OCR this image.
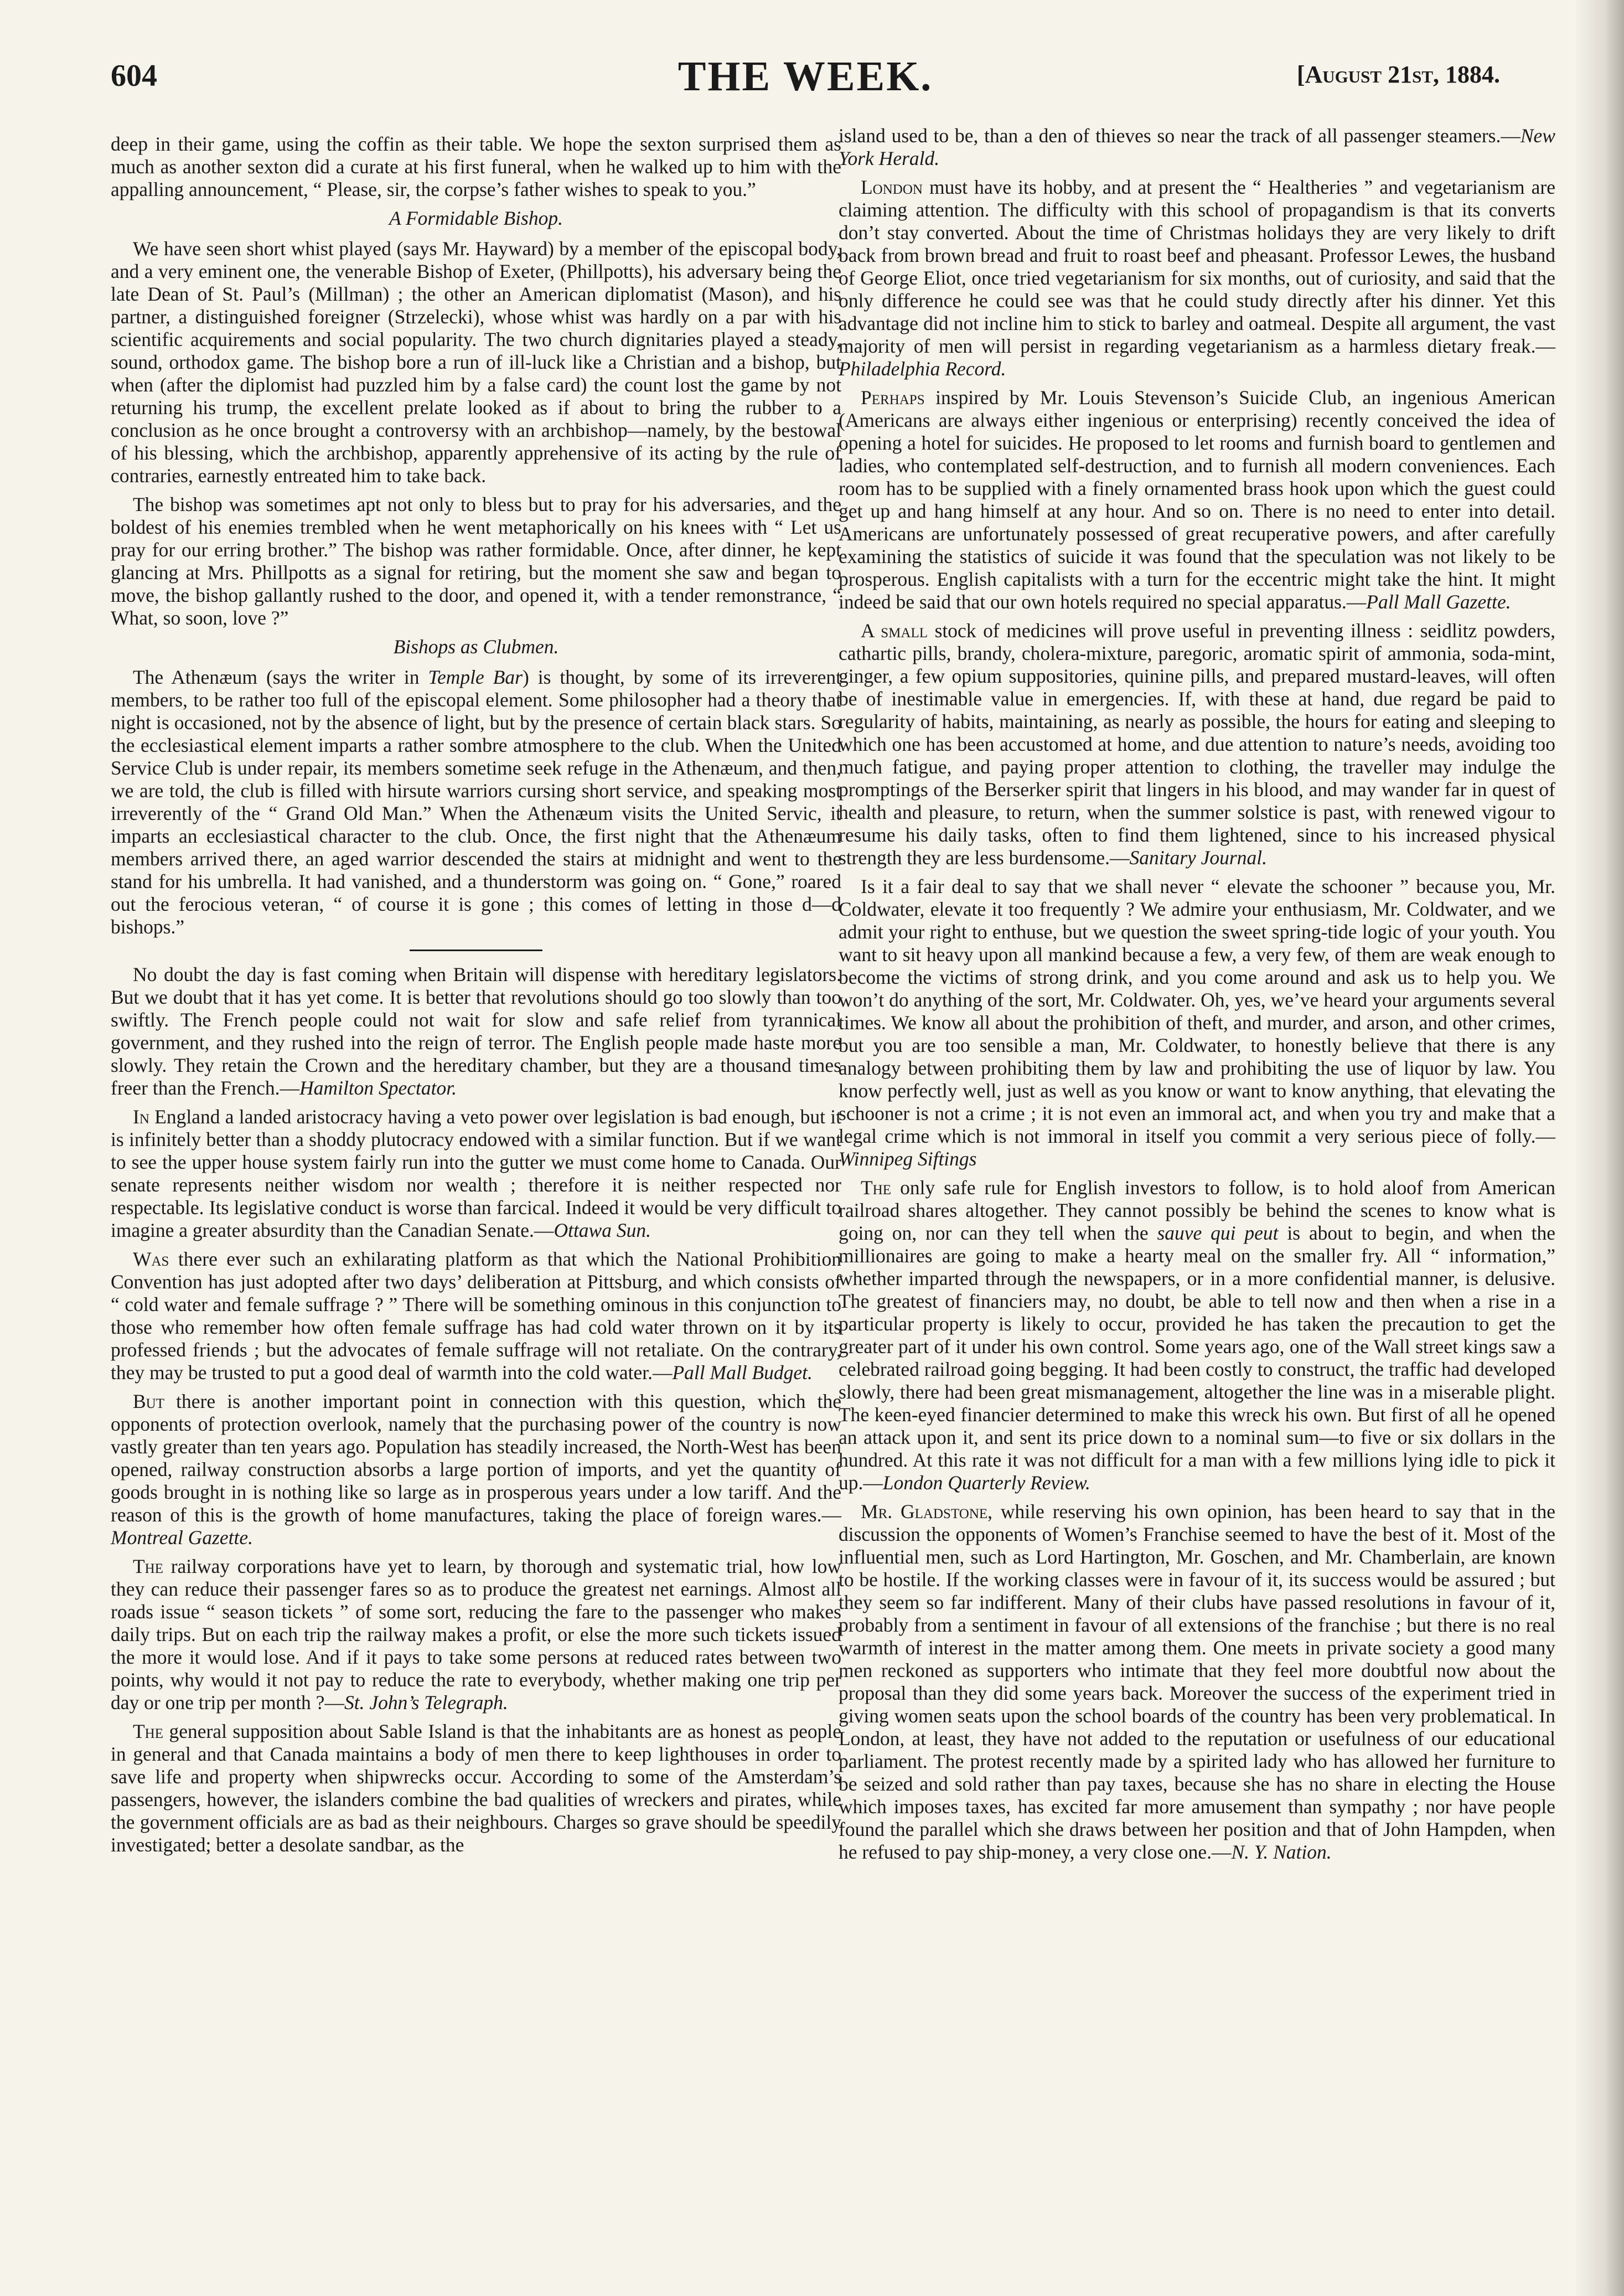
604	THE WEEK.	[August 21st, 1884.

deep in their game, using the coffin as their table. We hope the sexton surprised them as much as another sexton did a curate at his first funeral, when he walked up to him with the appalling announcement, “ Please, sir, the corpse’s father wishes to speak to you.”

A Formidable Bishop.

We have seen short whist played (says Mr. Hayward) by a member of the episcopal body, and a very eminent one, the venerable Bishop of Exeter, (Phillpotts), his adversary being the late Dean of St. Paul’s (Millman) ; the other an American diplomatist (Mason), and his partner, a distinguished foreigner (Strzelecki), whose whist was hardly on a par with his scientific acquirements and social popularity. The two church dignitaries played a steady, sound, orthodox game. The bishop bore a run of ill-luck like a Christian and a bishop, but when (after the diplomist had puzzled him by a false card) the count lost the game by not returning his trump, the excellent prelate looked as if about to bring the rubber to a conclusion as he once brought a controversy with an archbishop—namely, by the bestowal of his blessing, which the archbishop, apparently apprehensive of its acting by the rule of contraries, earnestly entreated him to take back.

The bishop was sometimes apt not only to bless but to pray for his adversaries, and the boldest of his enemies trembled when he went metaphorically on his knees with “ Let us pray for our erring brother.” The bishop was rather formidable. Once, after dinner, he kept glancing at Mrs. Phillpotts as a signal for retiring, but the moment she saw and began to move, the bishop gallantly rushed to the door, and opened it, with a tender remonstrance, “ What, so soon, love ?”

Bishops as Clubmen.

The Athenæum (says the writer in Temple Bar) is thought, by some of its irreverent members, to be rather too full of the episcopal element. Some philosopher had a theory that night is occasioned, not by the absence of light, but by the presence of certain black stars. So the ecclesiastical element imparts a rather sombre atmosphere to the club. When the United Service Club is under repair, its members sometime seek refuge in the Athenæum, and then, we are told, the club is filled with hirsute warriors cursing short service, and speaking most irreverently of the “ Grand Old Man.” When the Athenæum visits the United Servic, it imparts an ecclesiastical character to the club. Once, the first night that the Athenæum members arrived there, an aged warrior descended the stairs at midnight and went to the stand for his umbrella. It had vanished, and a thunderstorm was going on. “ Gone,” roared out the ferocious veteran, “ of course it is gone ; this comes of letting in those d—d bishops.”

No doubt the day is fast coming when Britain will dispense with hereditary legislators. But we doubt that it has yet come. It is better that revolutions should go too slowly than too swiftly. The French people could not wait for slow and safe relief from tyrannical government, and they rushed into the reign of terror. The English people made haste more slowly. They retain the Crown and the hereditary chamber, but they are a thousand times freer than the French.—Hamilton Spectator.

In England a landed aristocracy having a veto power over legislation is bad enough, but it is infinitely better than a shoddy plutocracy endowed with a similar function. But if we want to see the upper house system fairly run into the gutter we must come home to Canada. Our senate represents neither wisdom nor wealth ; therefore it is neither respected nor respectable. Its legislative conduct is worse than farcical. Indeed it would be very difficult to imagine a greater absurdity than the Canadian Senate.—Ottawa Sun.

Was there ever such an exhilarating platform as that which the National Prohibition Convention has just adopted after two days’ deliberation at Pittsburg, and which consists of “ cold water and female suffrage ? ” There will be something ominous in this conjunction to those who remember how often female suffrage has had cold water thrown on it by its professed friends ; but the advocates of female suffrage will not retaliate. On the contrary, they may be trusted to put a good deal of warmth into the cold water.—Pall Mall Budget.

But there is another important point in connection with this question, which the opponents of protection overlook, namely that the purchasing power of the country is now vastly greater than ten years ago. Population has steadily increased, the North-West has been opened, railway construction absorbs a large portion of imports, and yet the quantity of goods brought in is nothing like so large as in prosperous years under a low tariff. And the reason of this is the growth of home manufactures, taking the place of foreign wares.—Montreal Gazette.

The railway corporations have yet to learn, by thorough and systematic trial, how low they can reduce their passenger fares so as to produce the greatest net earnings. Almost all roads issue “ season tickets ” of some sort, reducing the fare to the passenger who makes daily trips. But on each trip the railway makes a profit, or else the more such tickets issued the more it would lose. And if it pays to take some persons at reduced rates between two points, why would it not pay to reduce the rate to everybody, whether making one trip per day or one trip per month ?—St. John’s Telegraph.

The general supposition about Sable Island is that the inhabitants are as honest as people in general and that Canada maintains a body of men there to keep lighthouses in order to save life and property when shipwrecks occur. According to some of the Amsterdam’s passengers, however, the islanders combine the bad qualities of wreckers and pirates, while the government officials are as bad as their neighbours. Charges so grave should be speedily investigated; better a desolate sandbar, as the

island used to be, than a den of thieves so near the track of all passenger steamers.—New York Herald.

London must have its hobby, and at present the “ Healtheries ” and vegetarianism are claiming attention. The difficulty with this school of propagandism is that its converts don’t stay converted. About the time of Christmas holidays they are very likely to drift back from brown bread and fruit to roast beef and pheasant. Professor Lewes, the husband of George Eliot, once tried vegetarianism for six months, out of curiosity, and said that the only difference he could see was that he could study directly after his dinner. Yet this advantage did not incline him to stick to barley and oatmeal. Despite all argument, the vast majority of men will persist in regarding vegetarianism as a harmless dietary freak.—Philadelphia Record.

Perhaps inspired by Mr. Louis Stevenson’s Suicide Club, an ingenious American (Americans are always either ingenious or enterprising) recently conceived the idea of opening a hotel for suicides. He proposed to let rooms and furnish board to gentlemen and ladies, who contemplated self-destruction, and to furnish all modern conveniences. Each room has to be supplied with a finely ornamented brass hook upon which the guest could get up and hang himself at any hour. And so on. There is no need to enter into detail. Americans are unfortunately possessed of great recuperative powers, and after carefully examining the statistics of suicide it was found that the speculation was not likely to be prosperous. English capitalists with a turn for the eccentric might take the hint. It might indeed be said that our own hotels required no special apparatus.—Pall Mall Gazette.

A small stock of medicines will prove useful in preventing illness : seidlitz powders, cathartic pills, brandy, cholera-mixture, paregoric, aromatic spirit of ammonia, soda-mint, ginger, a few opium suppositories, quinine pills, and prepared mustard-leaves, will often be of inestimable value in emergencies. If, with these at hand, due regard be paid to regularity of habits, maintaining, as nearly as possible, the hours for eating and sleeping to which one has been accustomed at home, and due attention to nature’s needs, avoiding too much fatigue, and paying proper attention to clothing, the traveller may indulge the promptings of the Berserker spirit that lingers in his blood, and may wander far in quest of health and pleasure, to return, when the summer solstice is past, with renewed vigour to resume his daily tasks, often to find them lightened, since to his increased physical strength they are less burdensome.—Sanitary Journal.

Is it a fair deal to say that we shall never “ elevate the schooner ” because you, Mr. Coldwater, elevate it too frequently ? We admire your enthusiasm, Mr. Coldwater, and we admit your right to enthuse, but we question the sweet spring-tide logic of your youth. You want to sit heavy upon all mankind because a few, a very few, of them are weak enough to become the victims of strong drink, and you come around and ask us to help you. We won’t do anything of the sort, Mr. Coldwater. Oh, yes, we’ve heard your arguments several times. We know all about the prohibition of theft, and murder, and arson, and other crimes, but you are too sensible a man, Mr. Coldwater, to honestly believe that there is any analogy between prohibiting them by law and prohibiting the use of liquor by law. You know perfectly well, just as well as you know or want to know anything, that elevating the schooner is not a crime ; it is not even an immoral act, and when you try and make that a legal crime which is not immoral in itself you commit a very serious piece of folly.—Winnipeg Siftings

The only safe rule for English investors to follow, is to hold aloof from American railroad shares altogether. They cannot possibly be behind the scenes to know what is going on, nor can they tell when the sauve qui peut is about to begin, and when the millionaires are going to make a hearty meal on the smaller fry. All “ information,” whether imparted through the newspapers, or in a more confidential manner, is delusive. The greatest of financiers may, no doubt, be able to tell now and then when a rise in a particular property is likely to occur, provided he has taken the precaution to get the greater part of it under his own control. Some years ago, one of the Wall street kings saw a celebrated railroad going begging. It had been costly to construct, the traffic had developed slowly, there had been great mismanagement, altogether the line was in a miserable plight. The keen-eyed financier determined to make this wreck his own. But first of all he opened an attack upon it, and sent its price down to a nominal sum—to five or six dollars in the hundred. At this rate it was not difficult for a man with a few millions lying idle to pick it up.—London Quarterly Review.

Mr. Gladstone, while reserving his own opinion, has been heard to say that in the discussion the opponents of Women’s Franchise seemed to have the best of it. Most of the influential men, such as Lord Hartington, Mr. Goschen, and Mr. Chamberlain, are known to be hostile. If the working classes were in favour of it, its success would be assured ; but they seem so far indifferent. Many of their clubs have passed resolutions in favour of it, probably from a sentiment in favour of all extensions of the franchise ; but there is no real warmth of interest in the matter among them. One meets in private society a good many men reckoned as supporters who intimate that they feel more doubtful now about the proposal than they did some years back. Moreover the success of the experiment tried in giving women seats upon the school boards of the country has been very problematical. In London, at least, they have not added to the reputation or usefulness of our educational parliament. The protest recently made by a spirited lady who has allowed her furniture to be seized and sold rather than pay taxes, because she has no share in electing the House which imposes taxes, has excited far more amusement than sympathy ; nor have people found the parallel which she draws between her position and that of John Hampden, when he refused to pay ship-money, a very close one.—N. Y. Nation.
